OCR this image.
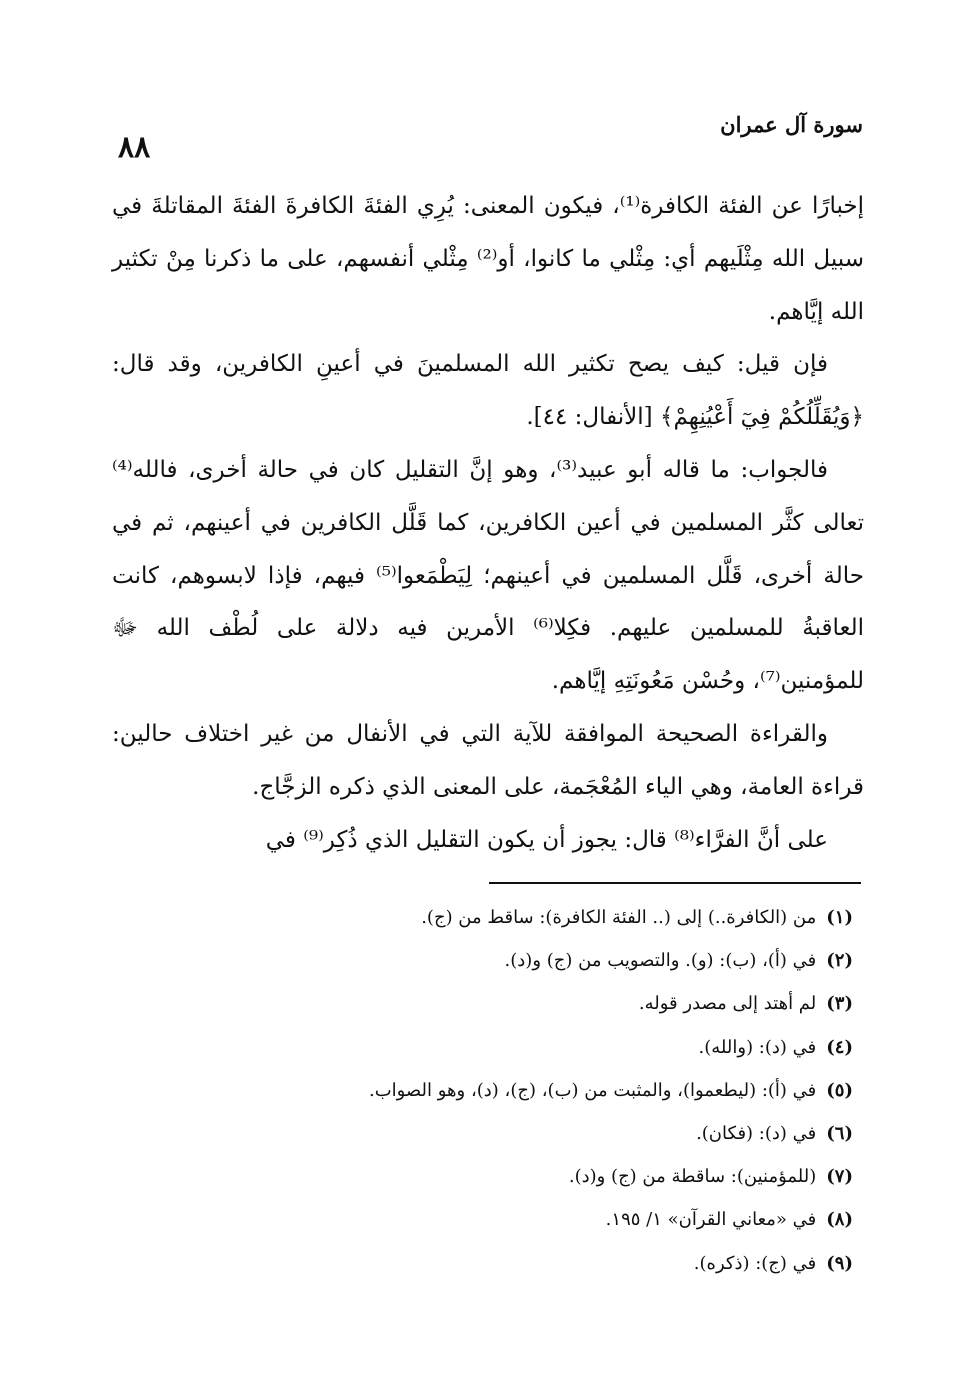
٨٨
سورة آل عمران

إخبارًا عن الفئة الكافرة⁽¹⁾، فيكون المعنى: يُرِي الفئةَ الكافرةَ الفئةَ المقاتلةَ في سبيل الله مِثْلَيهم أي: مِثْلي ما كانوا، أو⁽²⁾ مِثْلي أنفسهم، على ما ذكرنا مِنْ تكثير الله إيَّاهم.

فإن قيل: كيف يصح تكثير الله المسلمينَ في أعينِ الكافرين، وقد قال: ﴿وَيُقَلِّلُكُمْ فِيٓ أَعْيُنِهِمْ﴾ [الأنفال: ٤٤].

فالجواب: ما قاله أبو عبيد⁽³⁾، وهو إنَّ التقليل كان في حالة أخرى، فالله⁽⁴⁾ تعالى كثَّر المسلمين في أعين الكافرين، كما قَلَّل الكافرين في أعينهم، ثم في حالة أخرى، قَلَّل المسلمين في أعينهم؛ لِيَطْمَعوا⁽⁵⁾ فيهم، فإذا لابسوهم، كانت العاقبةُ للمسلمين عليهم. فكِلا⁽⁶⁾ الأمرين فيه دلالة على لُطْف الله ﷻ للمؤمنين⁽⁷⁾، وحُسْن مَعُونَتِهِ إيَّاهم.

والقراءة الصحيحة الموافقة للآية التي في الأنفال من غير اختلاف حالين: قراءة العامة، وهي الياء المُعْجَمة، على المعنى الذي ذكره الزجَّاج.

على أنَّ الفرَّاء⁽⁸⁾ قال: يجوز أن يكون التقليل الذي ذُكِر⁽⁹⁾ في

(١)من (الكافرة..) إلى (.. الفئة الكافرة): ساقط من (ج).
(٢)في (أ)، (ب): (و). والتصويب من (ج) و(د).
(٣)لم أهتد إلى مصدر قوله.
(٤)في (د): (والله).
(٥)في (أ): (ليطعموا)، والمثبت من (ب)، (ج)، (د)، وهو الصواب.
(٦)في (د): (فكان).
(٧)(للمؤمنين): ساقطة من (ج) و(د).
(٨)في «معاني القرآن» ١/ ١٩٥.
(٩)في (ج): (ذكره).
